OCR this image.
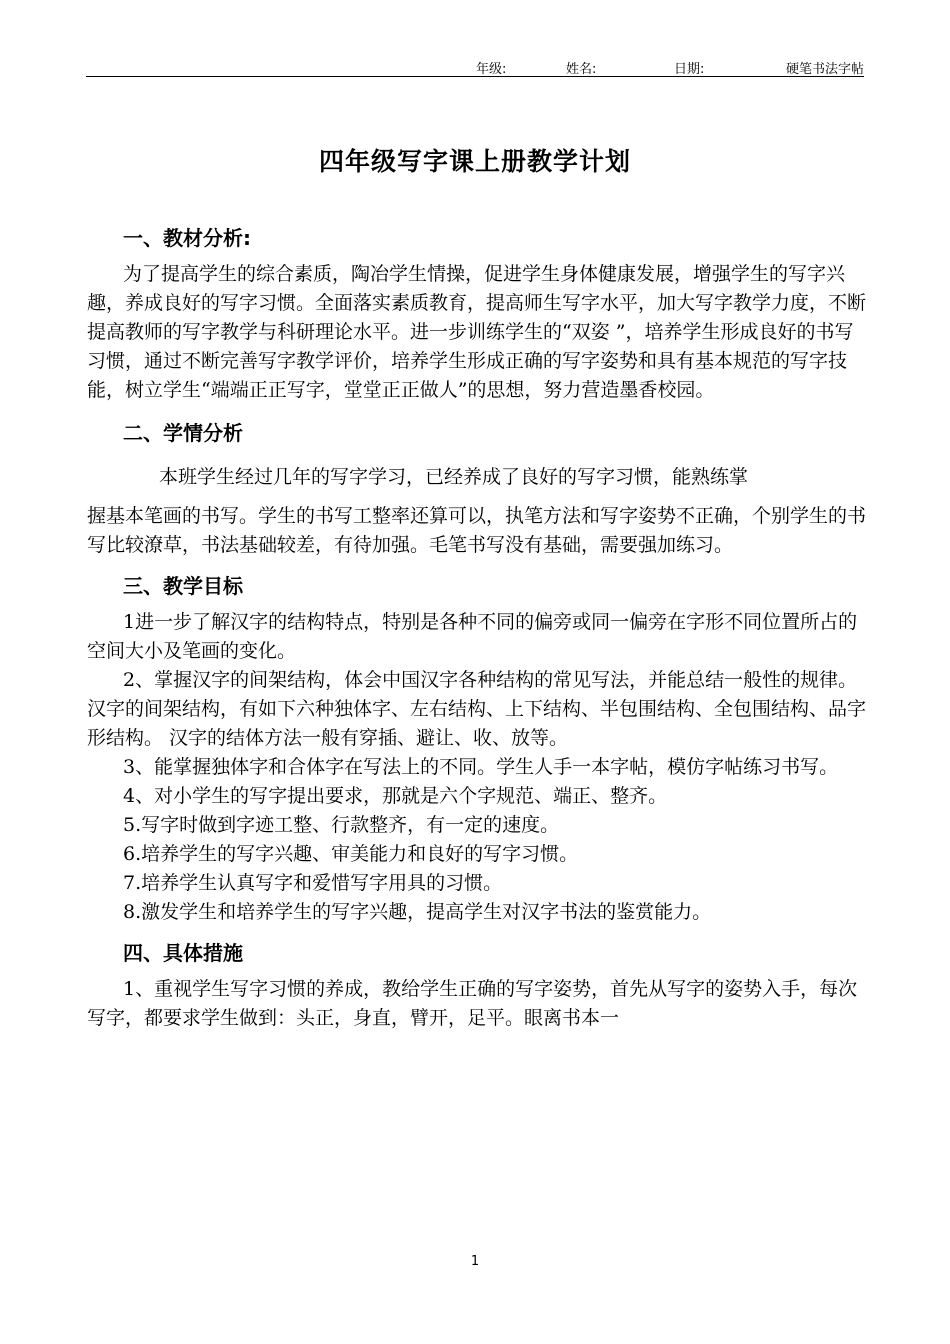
年级:	姓名:	日期:	硬笔书法字帖
四年级写字课上册教学计划
一、教材分析:

为了提高学生的综合素质，陶冶学生情操，促进学生身体健康发展，增强学生的写字兴趣，养成良好的写字习惯。全面落实素质教育，提高师生写字水平，加大写字教学力度，不断提高教师的写字教学与科研理论水平。进一步训练学生的“双姿 ”，培养学生形成良好的书写习惯，通过不断完善写字教学评价，培养学生形成正确的写字姿势和具有基本规范的写字技能，树立学生“端端正正写字，堂堂正正做人”的思想，努力营造墨香校园。

二、学情分析

本班学生经过几年的写字学习，已经养成了良好的写字习惯，能熟练掌

握基本笔画的书写。学生的书写工整率还算可以，执笔方法和写字姿势不正确，个别学生的书写比较潦草，书法基础较差，有待加强。毛笔书写没有基础，需要强加练习。

三、教学目标

1进一步了解汉字的结构特点，特别是各种不同的偏旁或同一偏旁在字形不同位置所占的空间大小及笔画的变化。

2、掌握汉字的间架结构，体会中国汉字各种结构的常见写法，并能总结一般性的规律。 汉字的间架结构，有如下六种独体字、左右结构、上下结构、半包围结构、全包围结构、品字形结构。 汉字的结体方法一般有穿插、避让、收、放等。

3、能掌握独体字和合体字在写法上的不同。学生人手一本字帖，模仿字帖练习书写。

4、对小学生的写字提出要求，那就是六个字规范、端正、整齐。

5.写字时做到字迹工整、行款整齐，有一定的速度。

6.培养学生的写字兴趣、审美能力和良好的写字习惯。

7.培养学生认真写字和爱惜写字用具的习惯。

8.激发学生和培养学生的写字兴趣，提高学生对汉字书法的鉴赏能力。

四、具体措施

1、重视学生写字习惯的养成，教给学生正确的写字姿势，首先从写字的姿势入手，每次写字，都要求学生做到：头正，身直，臂开，足平。眼离书本一

1
